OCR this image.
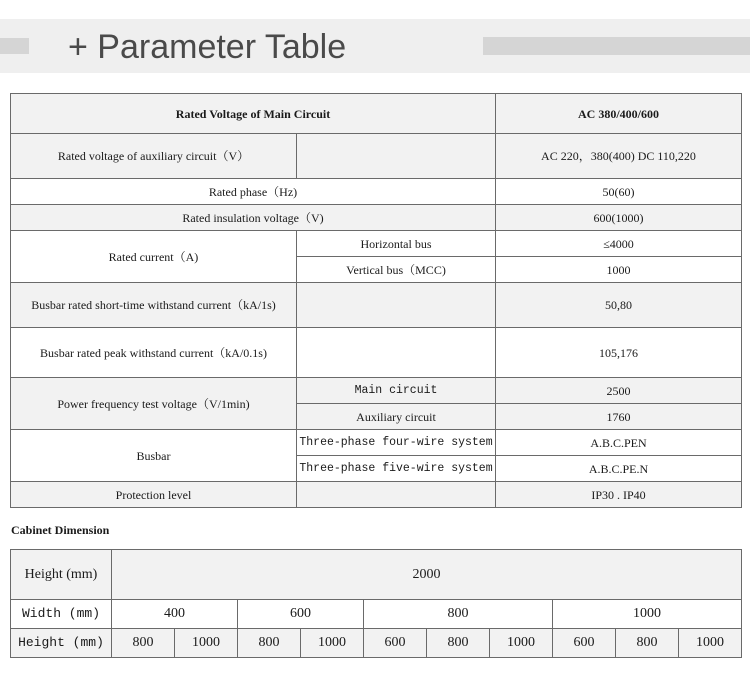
+ Parameter Table
Rated Voltage of Main Circuit		AC 380/400/600
Rated voltage of auxiliary circuit（V）		AC 220，380(400) DC 110,220
Rated phase（Hz)		50(60)
Rated insulation voltage（V)		600(1000)
Rated current（A)	Horizontal bus	≤4000
	Vertical bus（MCC)	1000
Busbar rated short-time withstand current（kA/1s)		50,80
Busbar rated peak withstand current（kA/0.1s)		105,176
Power frequency test voltage（V/1min)	Main circuit	2500
	Auxiliary circuit	1760
Busbar	Three-phase four-wire system	A.B.C.PEN
	Three-phase five-wire system	A.B.C.PE.N
Protection level		IP30 . IP40
Cabinet Dimension
Height (mm)	2000									
Width (mm)	400		600		800			1000		
Height (mm)	800	1000	800	1000	600	800	1000	600	800	1000
